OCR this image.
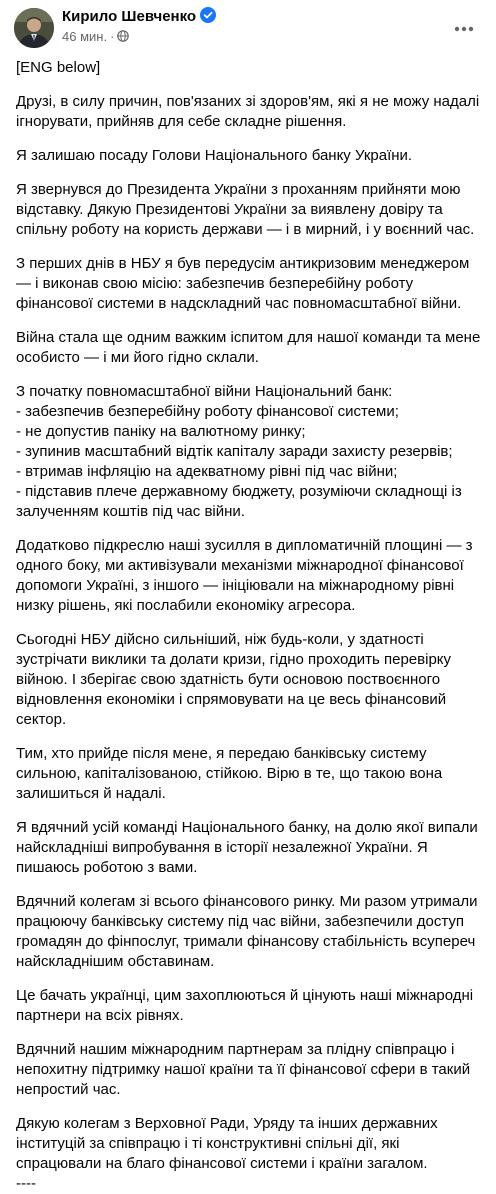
Кирило Шевченко
46 мин. ·

[ENG below]

Друзі, в силу причин, пов'язаних зі здоров'ям, які я не можу надалі ігнорувати, прийняв для себе складне рішення.

Я залишаю посаду Голови Національного банку України.

Я звернувся до Президента України з проханням прийняти мою відставку. Дякую Президентові України за виявлену довіру та спільну роботу на користь держави — і в мирний, і у воєнний час.

З перших днів в НБУ я був передусім антикризовим менеджером — і виконав свою місію: забезпечив безперебійну роботу фінансової системи в надскладний час повномасштабної війни.

Війна стала ще одним важким іспитом для нашої команди та мене особисто — і ми його гідно склали.

З початку повномасштабної війни Національний банк:
- забезпечив безперебійну роботу фінансової системи;
- не допустив паніку на валютному ринку;
- зупинив масштабний відтік капіталу заради захисту резервів;
- втримав інфляцію на адекватному рівні під час війни;
- підставив плече державному бюджету, розуміючи складнощі із залученням коштів під час війни.

Додатково підкреслю наші зусилля в дипломатичній площині — з одного боку, ми активізували механізми міжнародної фінансової допомоги Україні, з іншого — ініціювали на міжнародному рівні низку рішень, які послабили економіку агресора.

Сьогодні НБУ дійсно сильніший, ніж будь-коли, у здатності зустрічати виклики та долати кризи, гідно проходить перевірку війною. І зберігає свою здатність бути основою поствоєнного відновлення економіки і спрямовувати на це весь фінансовий сектор.

Тим, хто прийде після мене, я передаю банківську систему сильною, капіталізованою, стійкою. Вірю в те, що такою вона залишиться й надалі.

Я вдячний усій команді Національного банку, на долю якої випали найскладніші випробування в історії незалежної України. Я пишаюсь роботою з вами.

Вдячний колегам зі всього фінансового ринку. Ми разом утримали працюючу банківську систему під час війни, забезпечили доступ громадян до фінпослуг, тримали фінансову стабільність всупереч найскладнішим обставинам.

Це бачать українці, цим захоплюються й цінують наші міжнародні партнери на всіх рівнях.

Вдячний нашим міжнародним партнерам за плідну співпрацю і непохитну підтримку нашої країни та її фінансової сфери в такий непростий час.

Дякую колегам з Верховної Ради, Уряду та інших державних інституцій за співпрацю і ті конструктивні спільні дії, які спрацювали на благо фінансової системи і країни загалом.

----
